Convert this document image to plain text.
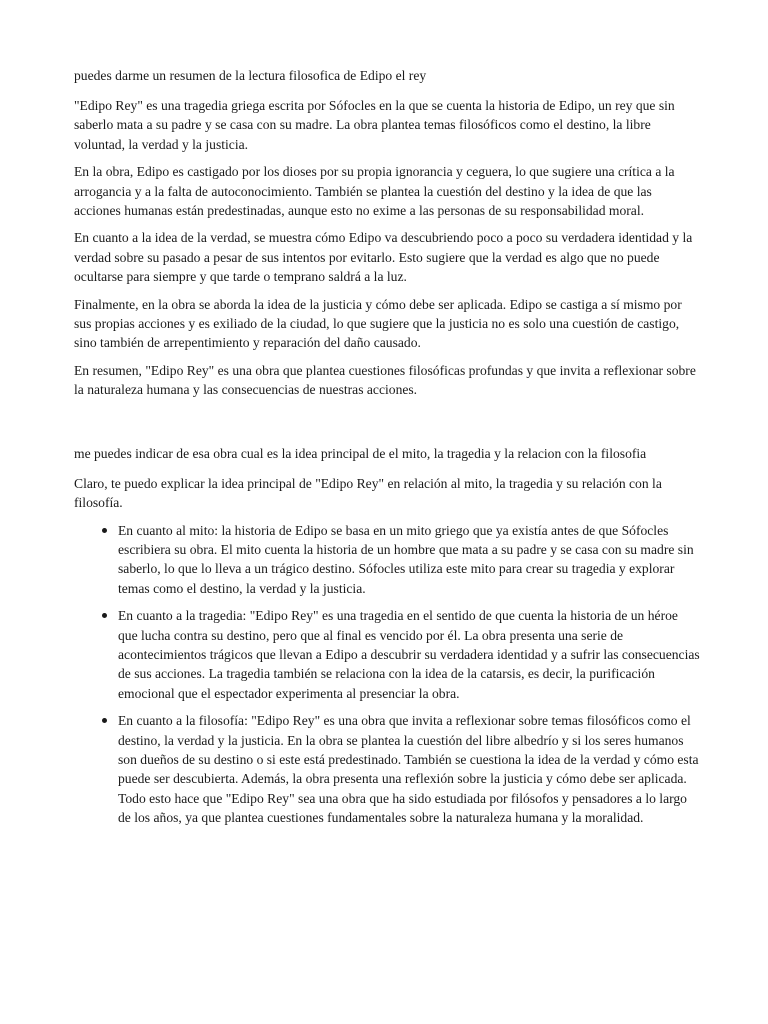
puedes darme un resumen de la lectura filosofica de Edipo el rey

"Edipo Rey" es una tragedia griega escrita por Sófocles en la que se cuenta la historia de Edipo, un rey que sin saberlo mata a su padre y se casa con su madre. La obra plantea temas filosóficos como el destino, la libre voluntad, la verdad y la justicia.

En la obra, Edipo es castigado por los dioses por su propia ignorancia y ceguera, lo que sugiere una crítica a la arrogancia y a la falta de autoconocimiento. También se plantea la cuestión del destino y la idea de que las acciones humanas están predestinadas, aunque esto no exime a las personas de su responsabilidad moral.

En cuanto a la idea de la verdad, se muestra cómo Edipo va descubriendo poco a poco su verdadera identidad y la verdad sobre su pasado a pesar de sus intentos por evitarlo. Esto sugiere que la verdad es algo que no puede ocultarse para siempre y que tarde o temprano saldrá a la luz.

Finalmente, en la obra se aborda la idea de la justicia y cómo debe ser aplicada. Edipo se castiga a sí mismo por sus propias acciones y es exiliado de la ciudad, lo que sugiere que la justicia no es solo una cuestión de castigo, sino también de arrepentimiento y reparación del daño causado.

En resumen, "Edipo Rey" es una obra que plantea cuestiones filosóficas profundas y que invita a reflexionar sobre la naturaleza humana y las consecuencias de nuestras acciones.

me puedes indicar de esa obra cual es la idea principal de el mito, la tragedia y la relacion con la filosofia

Claro, te puedo explicar la idea principal de "Edipo Rey" en relación al mito, la tragedia y su relación con la filosofía.

En cuanto al mito: la historia de Edipo se basa en un mito griego que ya existía antes de que Sófocles escribiera su obra. El mito cuenta la historia de un hombre que mata a su padre y se casa con su madre sin saberlo, lo que lo lleva a un trágico destino. Sófocles utiliza este mito para crear su tragedia y explorar temas como el destino, la verdad y la justicia.
En cuanto a la tragedia: "Edipo Rey" es una tragedia en el sentido de que cuenta la historia de un héroe que lucha contra su destino, pero que al final es vencido por él. La obra presenta una serie de acontecimientos trágicos que llevan a Edipo a descubrir su verdadera identidad y a sufrir las consecuencias de sus acciones. La tragedia también se relaciona con la idea de la catarsis, es decir, la purificación emocional que el espectador experimenta al presenciar la obra.
En cuanto a la filosofía: "Edipo Rey" es una obra que invita a reflexionar sobre temas filosóficos como el destino, la verdad y la justicia. En la obra se plantea la cuestión del libre albedrío y si los seres humanos son dueños de su destino o si este está predestinado. También se cuestiona la idea de la verdad y cómo esta puede ser descubierta. Además, la obra presenta una reflexión sobre la justicia y cómo debe ser aplicada. Todo esto hace que "Edipo Rey" sea una obra que ha sido estudiada por filósofos y pensadores a lo largo de los años, ya que plantea cuestiones fundamentales sobre la naturaleza humana y la moralidad.
